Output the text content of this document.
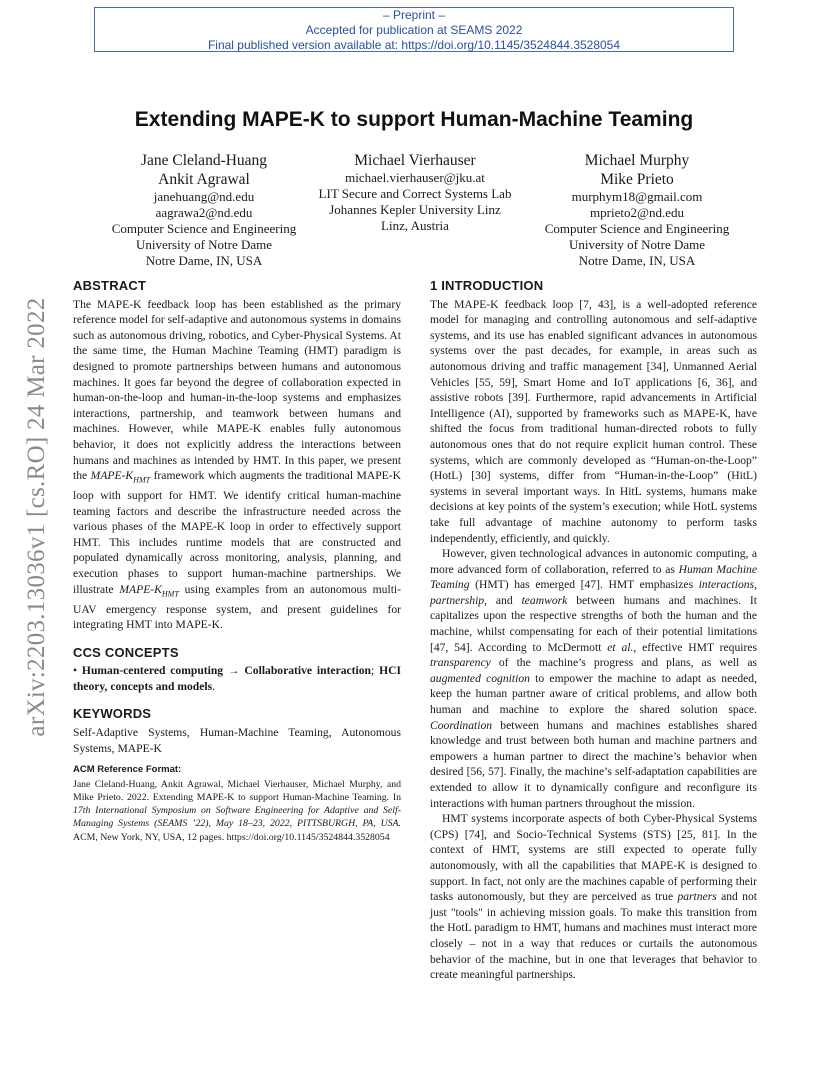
– Preprint –
Accepted for publication at SEAMS 2022
Final published version available at: https://doi.org/10.1145/3524844.3528054
arXiv:2203.13036v1 [cs.RO] 24 Mar 2022
Extending MAPE-K to support Human-Machine Teaming
Jane Cleland-Huang
Ankit Agrawal
janehuang@nd.edu
aagrawa2@nd.edu
Computer Science and Engineering
University of Notre Dame
Notre Dame, IN, USA
Michael Vierhauser
michael.vierhauser@jku.at
LIT Secure and Correct Systems Lab
Johannes Kepler University Linz
Linz, Austria
Michael Murphy
Mike Prieto
murphym18@gmail.com
mprieto2@nd.edu
Computer Science and Engineering
University of Notre Dame
Notre Dame, IN, USA
ABSTRACT

The MAPE-K feedback loop has been established as the primary reference model for self-adaptive and autonomous systems in domains such as autonomous driving, robotics, and Cyber-Physical Systems. At the same time, the Human Machine Teaming (HMT) paradigm is designed to promote partnerships between humans and autonomous machines. It goes far beyond the degree of collaboration expected in human-on-the-loop and human-in-the-loop systems and emphasizes interactions, partnership, and teamwork between humans and machines. However, while MAPE-K enables fully autonomous behavior, it does not explicitly address the interactions between humans and machines as intended by HMT. In this paper, we present the MAPE-$K_{HMT}$ framework which augments the traditional MAPE-K loop with support for HMT. We identify critical human-machine teaming factors and describe the infrastructure needed across the various phases of the MAPE-K loop in order to effectively support HMT. This includes runtime models that are constructed and populated dynamically across monitoring, analysis, planning, and execution phases to support human-machine partnerships. We illustrate MAPE-$K_{HMT}$ using examples from an autonomous multi-UAV emergency response system, and present guidelines for integrating HMT into MAPE-K.

CCS CONCEPTS

• Human-centered computing → Collaborative interaction; HCI theory, concepts and models.

KEYWORDS

Self-Adaptive Systems, Human-Machine Teaming, Autonomous Systems, MAPE-K

ACM Reference Format:

Jane Cleland-Huang, Ankit Agrawal, Michael Vierhauser, Michael Murphy, and Mike Prieto. 2022. Extending MAPE-K to support Human-Machine Teaming. In 17th International Symposium on Software Engineering for Adaptive and Self-Managing Systems (SEAMS ’22), May 18–23, 2022, PITTSBURGH, PA, USA. ACM, New York, NY, USA, 12 pages. https://doi.org/10.1145/3524844.3528054

1 INTRODUCTION

The MAPE-K feedback loop [7, 43], is a well-adopted reference model for managing and controlling autonomous and self-adaptive systems, and its use has enabled significant advances in autonomous systems over the past decades, for example, in areas such as autonomous driving and traffic management [34], Unmanned Aerial Vehicles [55, 59], Smart Home and IoT applications [6, 36], and assistive robots [39]. Furthermore, rapid advancements in Artificial Intelligence (AI), supported by frameworks such as MAPE-K, have shifted the focus from traditional human-directed robots to fully autonomous ones that do not require explicit human control. These systems, which are commonly developed as “Human-on-the-Loop” (HotL) [30] systems, differ from “Human-in-the-Loop” (HitL) systems in several important ways. In HitL systems, humans make decisions at key points of the system’s execution; while HotL systems take full advantage of machine autonomy to perform tasks independently, efficiently, and quickly.

However, given technological advances in autonomic computing, a more advanced form of collaboration, referred to as Human Machine Teaming (HMT) has emerged [47]. HMT emphasizes interactions, partnership, and teamwork between humans and machines. It capitalizes upon the respective strengths of both the human and the machine, whilst compensating for each of their potential limitations [47, 54]. According to McDermott et al., effective HMT requires transparency of the machine’s progress and plans, as well as augmented cognition to empower the machine to adapt as needed, keep the human partner aware of critical problems, and allow both human and machine to explore the shared solution space. Coordination between humans and machines establishes shared knowledge and trust between both human and machine partners and empowers a human partner to direct the machine’s behavior when desired [56, 57]. Finally, the machine’s self-adaptation capabilities are extended to allow it to dynamically configure and reconfigure its interactions with human partners throughout the mission.

HMT systems incorporate aspects of both Cyber-Physical Systems (CPS) [74], and Socio-Technical Systems (STS) [25, 81]. In the context of HMT, systems are still expected to operate fully autonomously, with all the capabilities that MAPE-K is designed to support. In fact, not only are the machines capable of performing their tasks autonomously, but they are perceived as true partners and not just "tools" in achieving mission goals. To make this transition from the HotL paradigm to HMT, humans and machines must interact more closely – not in a way that reduces or curtails the autonomous behavior of the machine, but in one that leverages that behavior to create meaningful partnerships.
